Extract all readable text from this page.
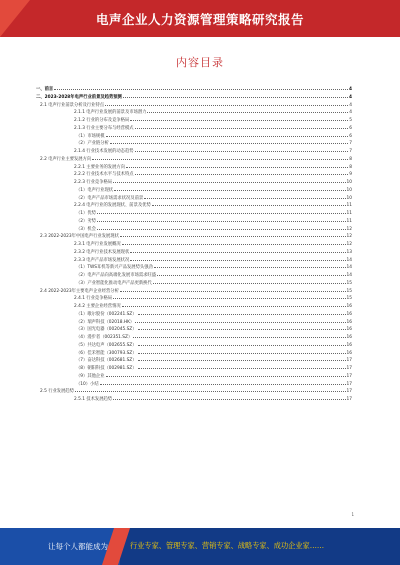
电声企业人力资源管理策略研究报告
内容目录
一、前言	4
二、2023-2028年电声行业前景及趋势预测	4
2.1 电声行业前景分析及行业特点	4
2.1.1 电声行业发展的前景及市场潜力	4
2.1.2 行业的分布及竞争格局	5
2.1.3 行业主要分布与经营模式	6
（1）市场规模	6
（2）产业链分析	7
2.1.4 行业技术发展的动态趋势	7
2.2 电声行业主要发展方向	8
2.2.1 主要业务的发展方向	8
2.2.2 行业技术水平与技术特点	9
2.2.3 行业竞争格局	10
（1）电声行业现状	10
（2）电声产品市场需求状况及前景	10
2.2.4 电声行业的发展现状、前景及优势	11
（1）优势	11
（2）劣势	11
（3）机会	12
2.3 2022-2023年中国电声行业发展现状	12
2.3.1 电声行业发展概况	12
2.3.2 电声行业技术发展现状	13
2.3.3 电声产品市场发展状况	14
（1）TWS耳机等新兴产品发展势头强劲	14
（2）电声产品向高端化发展市场需求旺盛	14
（3）产业智能化推动电声产品更新换代	15
2.4 2022-2023年主要电声企业经营分析	15
2.4.1 行业竞争格局	15
2.4.2 主要企业经营情况	16
（1）歌尔股份（002241.SZ）	16
（2）瑞声科技（02018.HK）	16
（3）国光电器（002045.SZ）	16
（4）漫步者（002351.SZ）	16
（5）共达电声（002655.SZ）	16
（6）佳禾智能（300793.SZ）	16
（7）奋达科技（002681.SZ）	17
（8）朝阳科技（002981.SZ）	17
（9）其他企业	17
（10）小结	17
2.5 行业发展趋势	17
2.5.1 技术发展趋势	17
1
让每个人都能成为	行业专家、管理专家、营销专家、战略专家、成功企业家……
